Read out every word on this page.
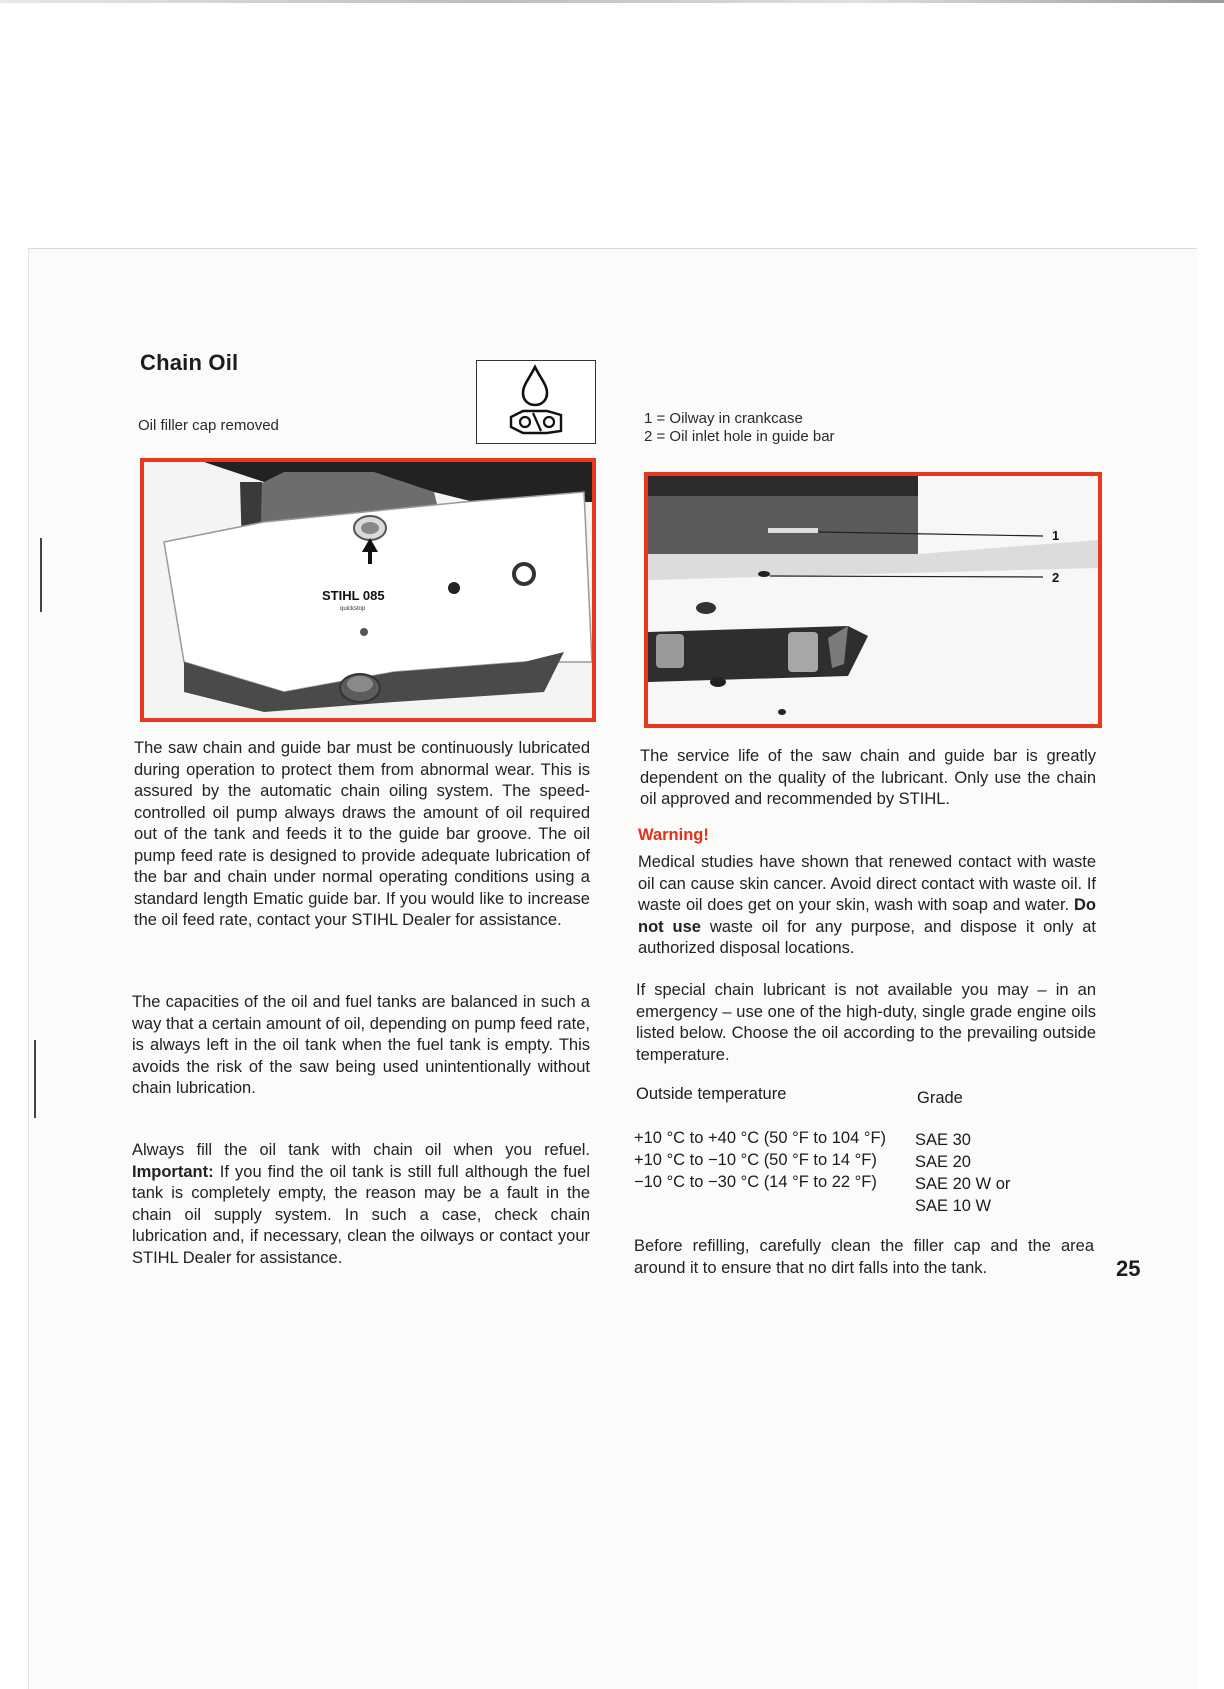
Chain Oil
Oil filler cap removed	1 = Oilway in crankcase
2 = Oil inlet hole in guide bar
STIHL 085
quickstop
1
2
The saw chain and guide bar must be continuously lubricated during operation to protect them from abnormal wear. This is assured by the automatic chain oiling system. The speed-controlled oil pump always draws the amount of oil required out of the tank and feeds it to the guide bar groove. The oil pump feed rate is designed to provide adequate lubrication of the bar and chain under normal operating conditions using a standard length Ematic guide bar. If you would like to increase the oil feed rate, contact your STIHL Dealer for assistance.
The capacities of the oil and fuel tanks are balanced in such a way that a certain amount of oil, depending on pump feed rate, is always left in the oil tank when the fuel tank is empty. This avoids the risk of the saw being used unintentionally without chain lubrication.
Always fill the oil tank with chain oil when you refuel. Important: If you find the oil tank is still full although the fuel tank is completely empty, the reason may be a fault in the chain oil supply system. In such a case, check chain lubrication and, if necessary, clean the oilways or contact your STIHL Dealer for assistance.
The service life of the saw chain and guide bar is greatly dependent on the quality of the lubricant. Only use the chain oil approved and recommended by STIHL.
Warning!
Medical studies have shown that renewed contact with waste oil can cause skin cancer. Avoid direct contact with waste oil. If waste oil does get on your skin, wash with soap and water. Do not use waste oil for any purpose, and dispose it only at authorized disposal locations.
If special chain lubricant is not available you may – in an emergency – use one of the high-duty, single grade engine oils listed below. Choose the oil according to the prevailing outside temperature.
Outside temperature	Grade
+10 °C to +40 °C (50 °F to 104 °F) SAE 30
+10 °C to −10 °C (50 °F to 14 °F) SAE 20
−10 °C to −30 °C (14 °F to 22 °F) SAE 20 W or
SAE 10 W
Before refilling, carefully clean the filler cap and the area around it to ensure that no dirt falls into the tank.	25
